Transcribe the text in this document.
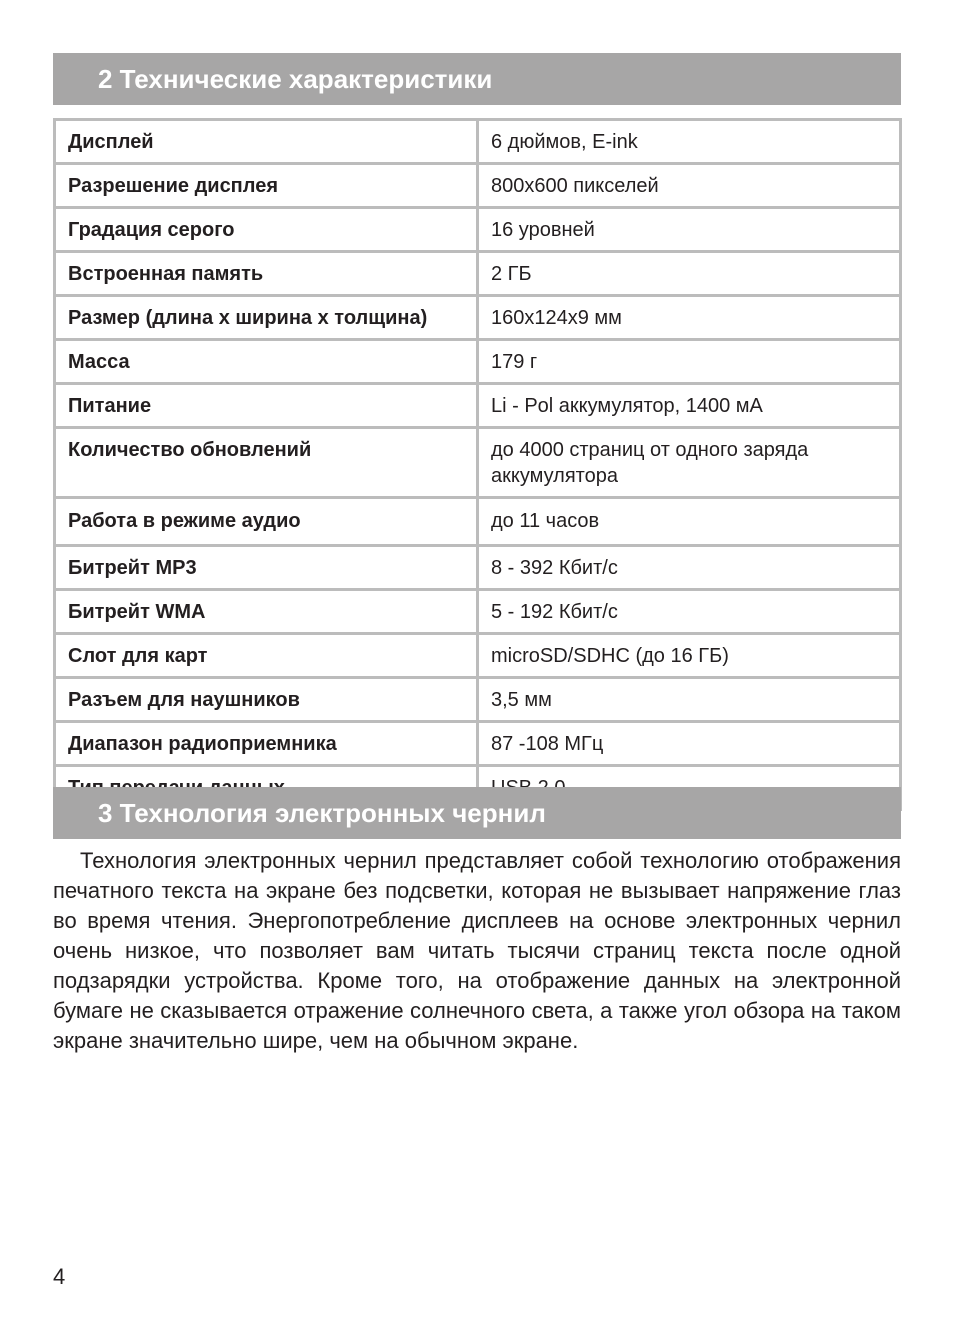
2 Технические характеристики
Дисплей	6 дюймов, E-ink
Разрешение дисплея	800x600 пикселей
Градация серого	16 уровней
Встроенная память	2 ГБ
Размер (длина x ширина x толщина)	160x124x9 мм
Масса	179 г
Питание	Li - Pol аккумулятор, 1400 мА
Количество обновлений	до 4000 страниц от одного заряда аккумулятора
Работа в режиме аудио	до 11 часов
Битрейт MP3	8 - 392 Кбит/с
Битрейт WMA	5 - 192 Кбит/с
Слот для карт	microSD/SDHC (до 16 ГБ)
Разъем для наушников	3,5 мм
Диапазон радиоприемника	87 -108 МГц

3 Технология электронных чернил

Технология электронных чернил представляет собой технологию отображения печатного текста на экране без подсветки, которая не вызывает напряжение глаз во время чтения. Энергопотребление дисплеев на основе электронных чернил очень низкое, что позволяет вам читать тысячи страниц текста после одной подзарядки устройства. Кроме того, на отображение данных на электронной бумаге не сказывается отражение солнечного света, а также угол обзора на таком экране значительно шире, чем на обычном экране.

4
